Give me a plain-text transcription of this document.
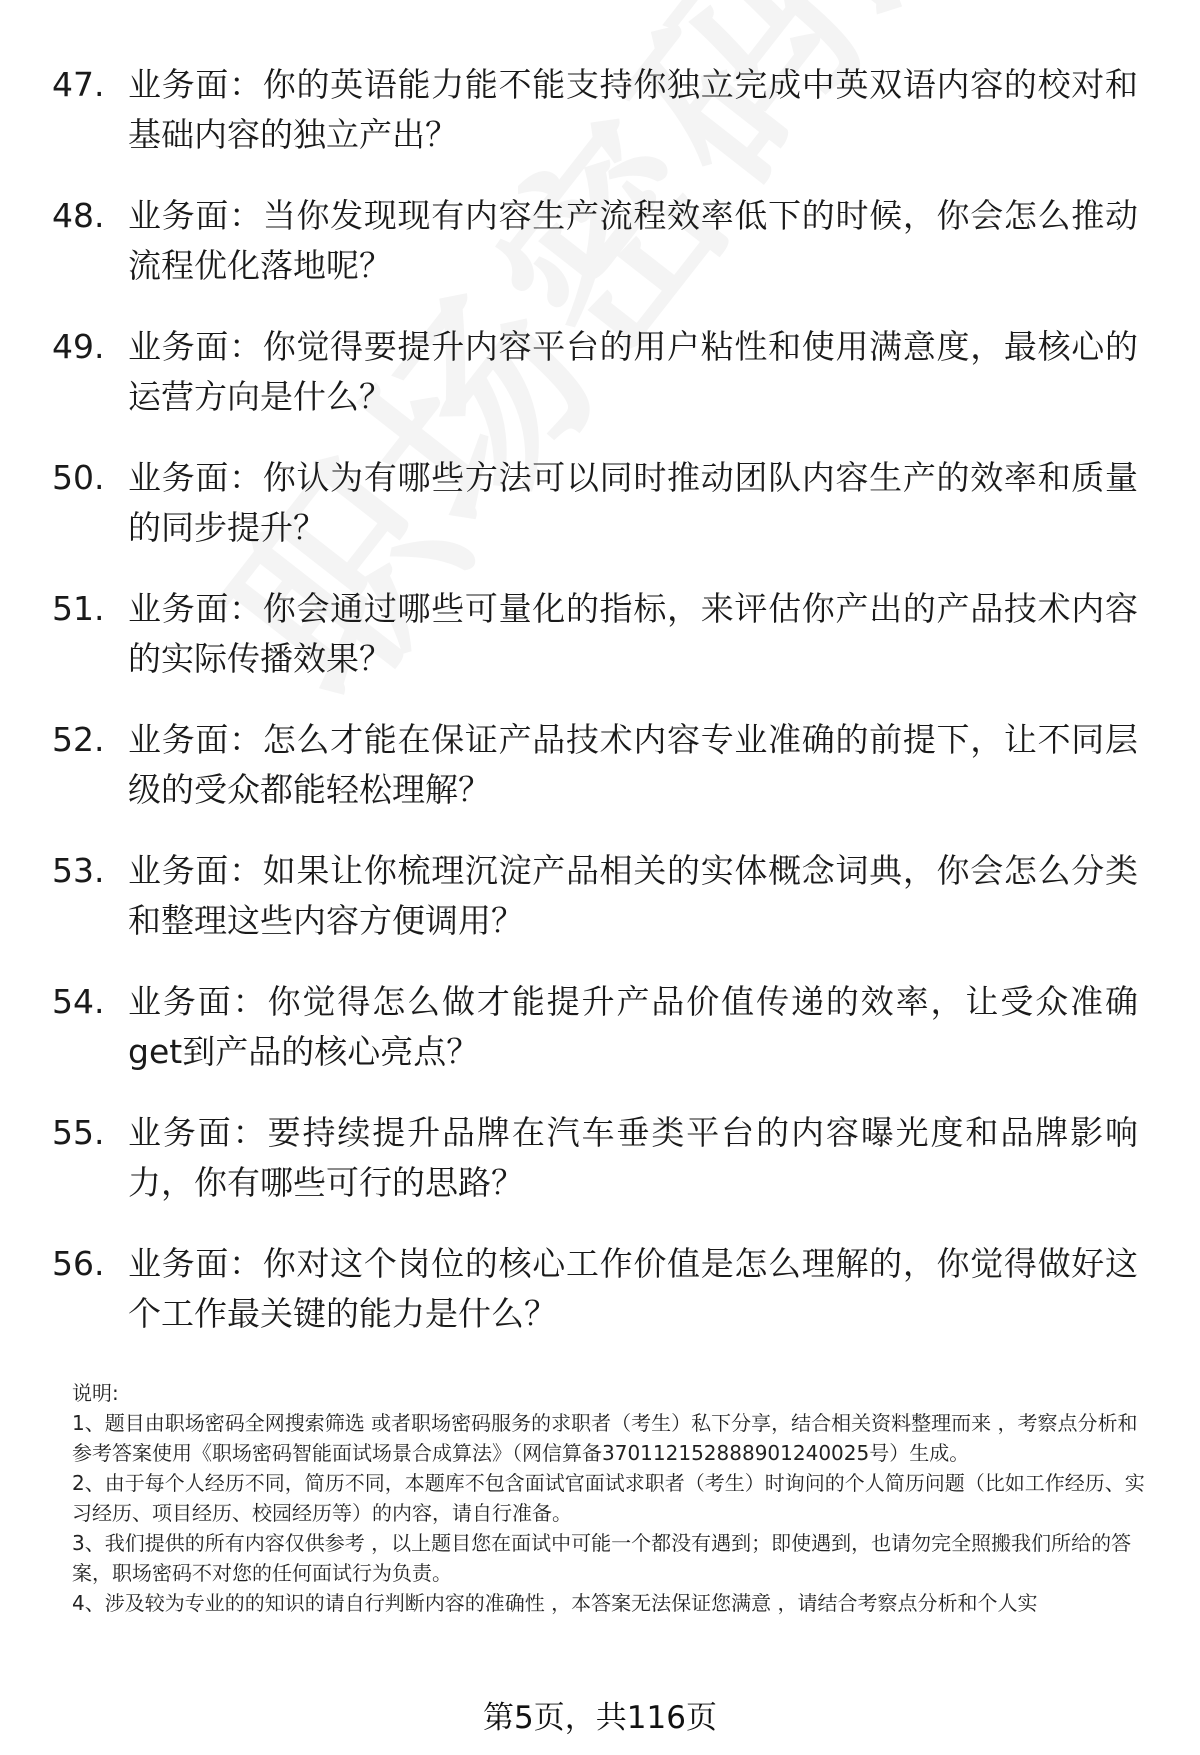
47. 业务面：你的英语能力能不能支持你独立完成中英双语内容的校对和基础内容的独立产出？
48. 业务面：当你发现现有内容生产流程效率低下的时候，你会怎么推动流程优化落地呢？
49. 业务面：你觉得要提升内容平台的用户粘性和使用满意度，最核心的运营方向是什么？
50. 业务面：你认为有哪些方法可以同时推动团队内容生产的效率和质量的同步提升？
51. 业务面：你会通过哪些可量化的指标，来评估你产出的产品技术内容的实际传播效果？
52. 业务面：怎么才能在保证产品技术内容专业准确的前提下，让不同层级的受众都能轻松理解？
53. 业务面：如果让你梳理沉淀产品相关的实体概念词典，你会怎么分类和整理这些内容方便调用？
54. 业务面：你觉得怎么做才能提升产品价值传递的效率，让受众准确get到产品的核心亮点？
55. 业务面：要持续提升品牌在汽车垂类平台的内容曝光度和品牌影响力，你有哪些可行的思路？
56. 业务面：你对这个岗位的核心工作价值是怎么理解的，你觉得做好这个工作最关键的能力是什么？

说明:

1、题目由职场密码全网搜索筛选 或者职场密码服务的求职者（考生）私下分享，结合相关资料整理而来 ，考察点分析和参考答案使用《职场密码智能面试场景合成算法》（网信算备370112152888901240025号）生成。

2、由于每个人经历不同，简历不同，本题库不包含面试官面试求职者（考生）时询问的个人简历问题（比如工作经历、实习经历、项目经历、校园经历等）的内容，请自行准备。

3、我们提供的所有内容仅供参考 ，以上题目您在面试中可能一个都没有遇到；即使遇到，也请勿完全照搬我们所给的答案，职场密码不对您的任何面试行为负责。

4、涉及较为专业的的知识的请自行判断内容的准确性 ，本答案无法保证您满意 ，请结合考察点分析和个人实

第5页，共116页
